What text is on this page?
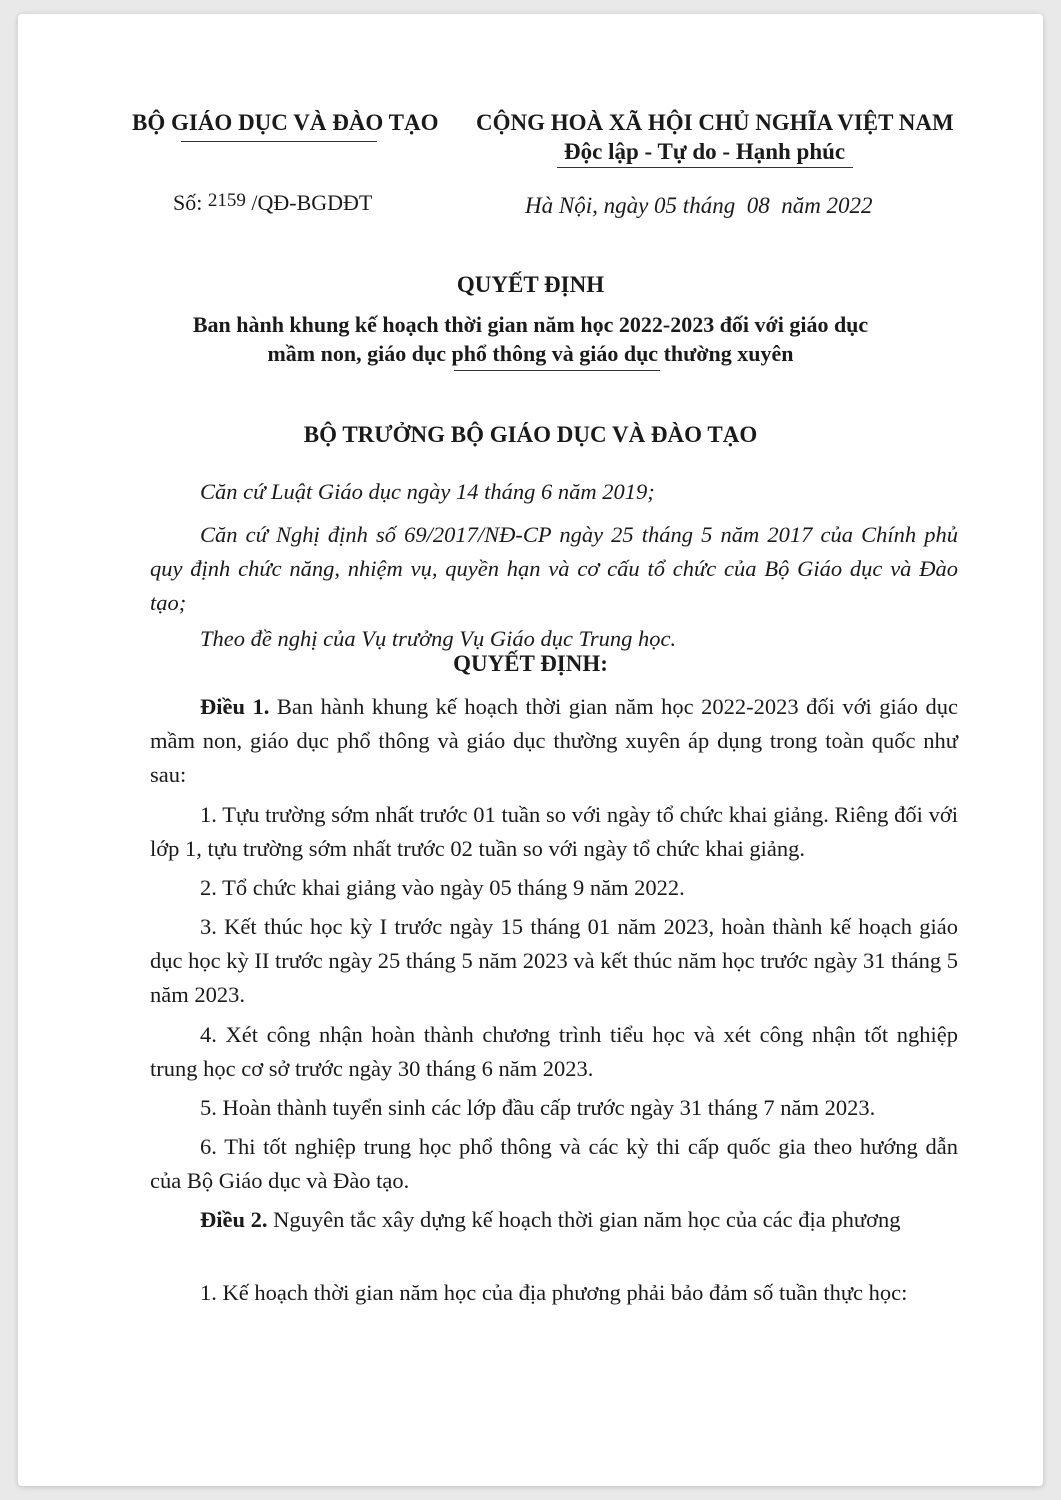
BỘ GIÁO DỤC VÀ ĐÀO TẠO CỘNG HOÀ XÃ HỘI CHỦ NGHĨA VIỆT NAM
Độc lập - Tự do - Hạnh phúc
Số: 2159 /QĐ-BGDĐT	Hà Nội, ngày 05 tháng  08  năm 2022
QUYẾT ĐỊNH
Ban hành khung kế hoạch thời gian năm học 2022-2023 đối với giáo dục
mầm non, giáo dục phổ thông và giáo dục thường xuyên
BỘ TRƯỞNG BỘ GIÁO DỤC VÀ ĐÀO TẠO
Căn cứ Luật Giáo dục ngày 14 tháng 6 năm 2019;
Căn cứ Nghị định số 69/2017/NĐ-CP ngày 25 tháng 5 năm 2017 của Chính phủ quy định chức năng, nhiệm vụ, quyền hạn và cơ cấu tổ chức của Bộ Giáo dục và Đào tạo;
Theo đề nghị của Vụ trưởng Vụ Giáo dục Trung học.
QUYẾT ĐỊNH:
Điều 1. Ban hành khung kế hoạch thời gian năm học 2022-2023 đối với giáo dục mầm non, giáo dục phổ thông và giáo dục thường xuyên áp dụng trong toàn quốc như sau:
1. Tựu trường sớm nhất trước 01 tuần so với ngày tổ chức khai giảng. Riêng đối với lớp 1, tựu trường sớm nhất trước 02 tuần so với ngày tổ chức khai giảng.
2. Tổ chức khai giảng vào ngày 05 tháng 9 năm 2022.
3. Kết thúc học kỳ I trước ngày 15 tháng 01 năm 2023, hoàn thành kế hoạch giáo dục học kỳ II trước ngày 25 tháng 5 năm 2023 và kết thúc năm học trước ngày 31 tháng 5 năm 2023.
4. Xét công nhận hoàn thành chương trình tiểu học và xét công nhận tốt nghiệp trung học cơ sở trước ngày 30 tháng 6 năm 2023.
5. Hoàn thành tuyển sinh các lớp đầu cấp trước ngày 31 tháng 7 năm 2023.
6. Thi tốt nghiệp trung học phổ thông và các kỳ thi cấp quốc gia theo hướng dẫn của Bộ Giáo dục và Đào tạo.
Điều 2. Nguyên tắc xây dựng kế hoạch thời gian năm học của các địa phương
1. Kế hoạch thời gian năm học của địa phương phải bảo đảm số tuần thực học:
